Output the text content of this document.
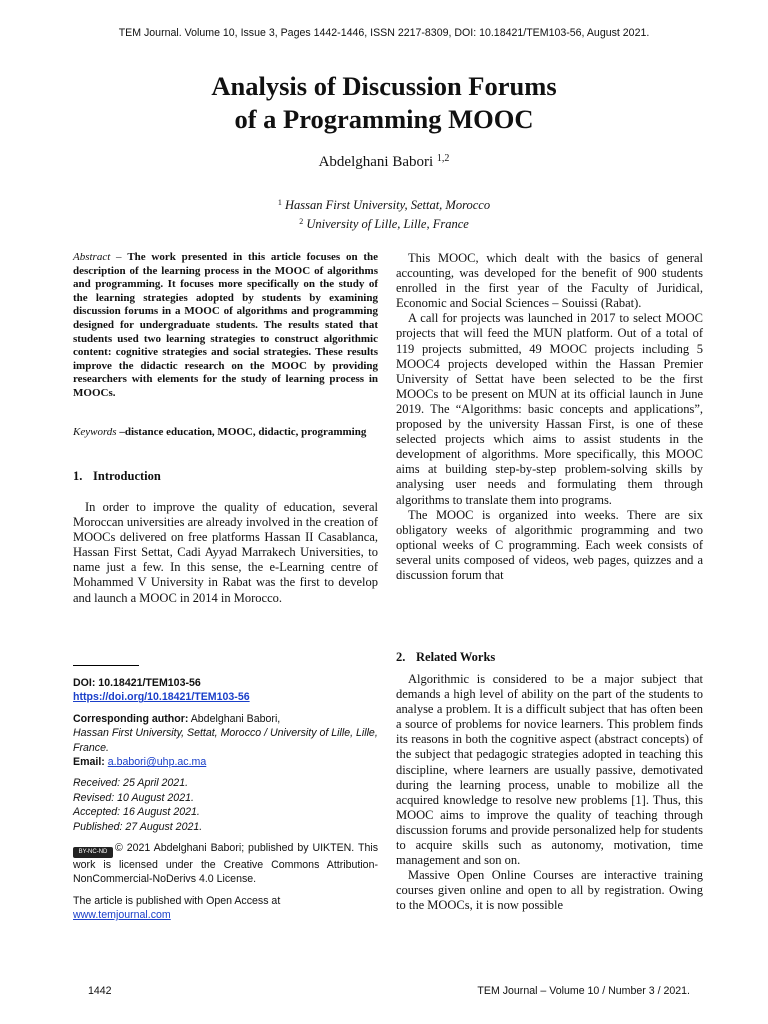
TEM Journal. Volume 10, Issue 3, Pages 1442-1446, ISSN 2217-8309, DOI: 10.18421/TEM103-56, August 2021.
Analysis of Discussion Forums
of a Programming MOOC
Abdelghani Babori $^{1,2}$
$^1$ Hassan First University, Settat, Morocco
$^2$ University of Lille, Lille, France
Abstract – The work presented in this article focuses on the description of the learning process in the MOOC of algorithms and programming. It focuses more specifically on the study of the learning strategies adopted by students by examining discussion forums in a MOOC of algorithms and programming designed for undergraduate students. The results stated that students used two learning strategies to construct algorithmic content: cognitive strategies and social strategies. These results improve the didactic research on the MOOC by providing researchers with elements for the study of learning process in MOOCs.
Keywords –distance education, MOOC, didactic, programming
1. Introduction

In order to improve the quality of education, several Moroccan universities are already involved in the creation of MOOCs delivered on free platforms Hassan II Casablanca, Hassan First Settat, Cadi Ayyad Marrakech Universities, to name just a few. In this sense, the e-Learning centre of Mohammed V University in Rabat was the first to develop and launch a MOOC in 2014 in Morocco.

This MOOC, which dealt with the basics of general accounting, was developed for the benefit of 900 students enrolled in the first year of the Faculty of Juridical, Economic and Social Sciences – Souissi (Rabat).

A call for projects was launched in 2017 to select MOOC projects that will feed the MUN platform. Out of a total of 119 projects submitted, 49 MOOC projects including 5 MOOC4 projects developed within the Hassan Premier University of Settat have been selected to be the first MOOCs to be present on MUN at its official launch in June 2019. The “Algorithms: basic concepts and applications”, proposed by the university Hassan First, is one of these selected projects which aims to assist students in the development of algorithms. More specifically, this MOOC aims at building step-by-step problem-solving skills by analysing user needs and formulating them through algorithms to translate them into programs.

The MOOC is organized into weeks. There are six obligatory weeks of algorithmic programming and two optional weeks of C programming. Each week consists of several units composed of videos, web pages, quizzes and a discussion forum that

2. Related Works

Algorithmic is considered to be a major subject that demands a high level of ability on the part of the students to analyse a problem. It is a difficult subject that has often been a source of problems for novice learners. This problem finds its reasons in both the cognitive aspect (abstract concepts) of the subject that pedagogic strategies adopted in teaching this discipline, where learners are usually passive, demotivated during the learning process, unable to mobilize all the acquired knowledge to resolve new problems [1]. Thus, this MOOC aims to improve the quality of teaching through discussion forums and provide personalized help for students to acquire skills such as autonomy, motivation, time management and son on.

Massive Open Online Courses are interactive training courses given online and open to all by registration. Owing to the MOOCs, it is now possible

DOI: 10.18421/TEM103-56
https://doi.org/10.18421/TEM103-56
Corresponding author: Abdelghani Babori,
Hassan First University, Settat, Morocco / University of Lille, Lille, France.
Email: a.babori@uhp.ac.ma
Received: 25 April 2021.
Revised: 10 August 2021.
Accepted: 16 August 2021.
Published: 27 August 2021.
BY-NC-ND © 2021 Abdelghani Babori; published by UIKTEN. This work is licensed under the Creative Commons Attribution-NonCommercial-NoDerivs 4.0 License.
The article is published with Open Access at
www.temjournal.com
1442	TEM Journal – Volume 10 / Number 3 / 2021.
